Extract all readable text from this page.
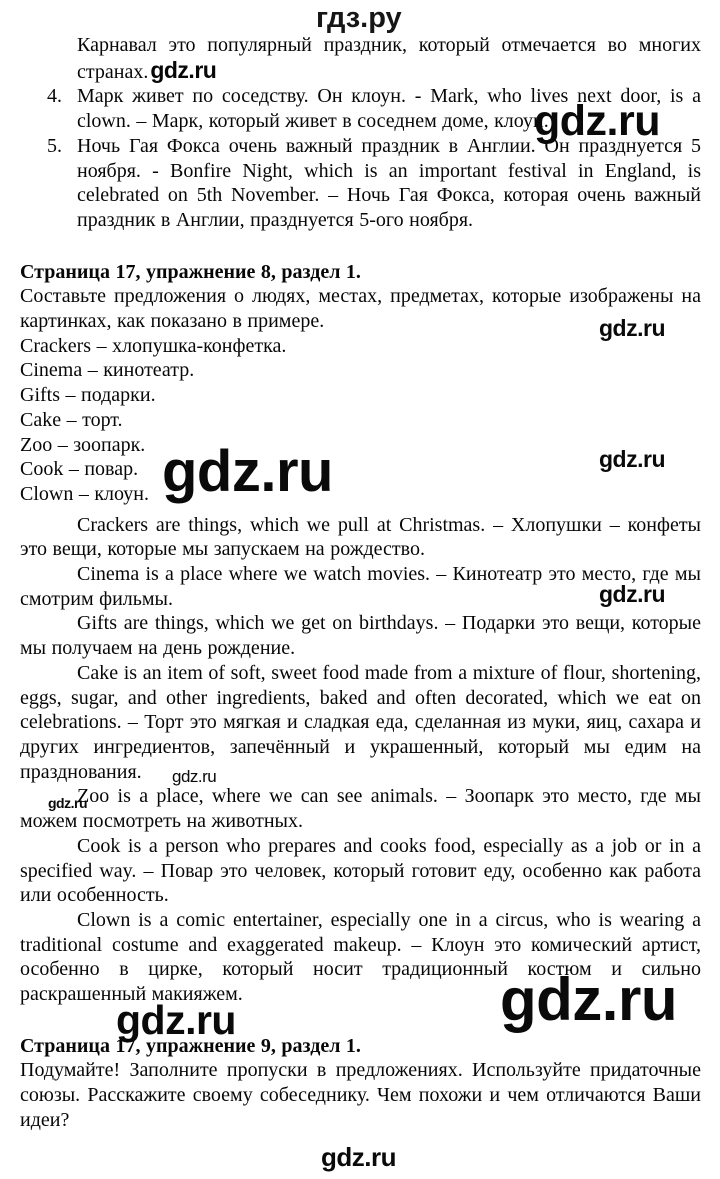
гдз.ру
gdz.ru
gdz.ru
gdz.ru	gdz.ru
gdz.ru
gdz.ru
gdz.ru
gdz.ru
gdz.ru
gdz.ru
Карнавал это популярный праздник, который отмечается во многих странах.gdz.ru
4. Марк живет по соседству. Он клоун. - Mark, who lives next door, is a clown. – Марк, который живет в соседнем доме, клоун.
5. Ночь Гая Фокса очень важный праздник в Англии. Он празднуется 5 ноября. - Bonfire Night, which is an important festival in England, is celebrated on 5th November. – Ночь Гая Фокса, которая очень важный праздник в Англии, празднуется 5-ого ноября.
Страница 17, упражнение 8, раздел 1.
Составьте предложения о людях, местах, предметах, которые изображены на картинках, как показано в примере.
Crackers – хлопушка-конфетка.
Cinema – кинотеатр.
Gifts – подарки.
Cake – торт.
Zoo – зоопарк.
Cook – повар.
Clown – клоун.
Crackers are things, which we pull at Christmas. – Хлопушки – конфеты это вещи, которые мы запускаем на рождество.
Cinema is a place where we watch movies. – Кинотеатр это место, где мы смотрим фильмы.
Gifts are things, which we get on birthdays. – Подарки это вещи, которые мы получаем на день рождение.
Cake is an item of soft, sweet food made from a mixture of flour, shortening, eggs, sugar, and other ingredients, baked and often decorated, which we eat on celebrations. – Торт это мягкая и сладкая еда, сделанная из муки, яиц, сахара и других ингредиентов, запечённый и украшенный, который мы едим на празднования.
Zoo is a place, where we can see animals. – Зоопарк это место, где мы можем посмотреть на животных.
Cook is a person who prepares and cooks food, especially as a job or in a specified way. – Повар это человек, который готовит еду, особенно как работа или особенность.
Clown is a comic entertainer, especially one in a circus, who is wearing a traditional costume and exaggerated makeup. – Клоун это комический артист, особенно в цирке, который носит традиционный костюм и сильно раскрашенный макияжем.
Страница 17, упражнение 9, раздел 1.
Подумайте! Заполните пропуски в предложениях. Используйте придаточные союзы. Расскажите своему собеседнику. Чем похожи и чем отличаются Ваши идеи?
